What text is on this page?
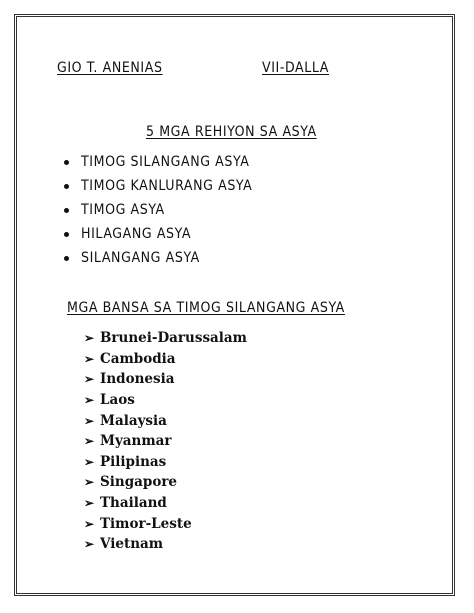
GIO T. ANENIAS	VII-DALLA
5 MGA REHIYON SA ASYA
TIMOG SILANGANG ASYA
TIMOG KANLURANG ASYA
TIMOG ASYA
HILAGANG ASYA
SILANGANG ASYA
MGA BANSA SA TIMOG SILANGANG ASYA
➢ Brunei-Darussalam
➢ Cambodia
➢ Indonesia
➢ Laos
➢ Malaysia
➢ Myanmar
➢ Pilipinas
➢ Singapore
➢ Thailand
➢ Timor-Leste
➢ Vietnam
